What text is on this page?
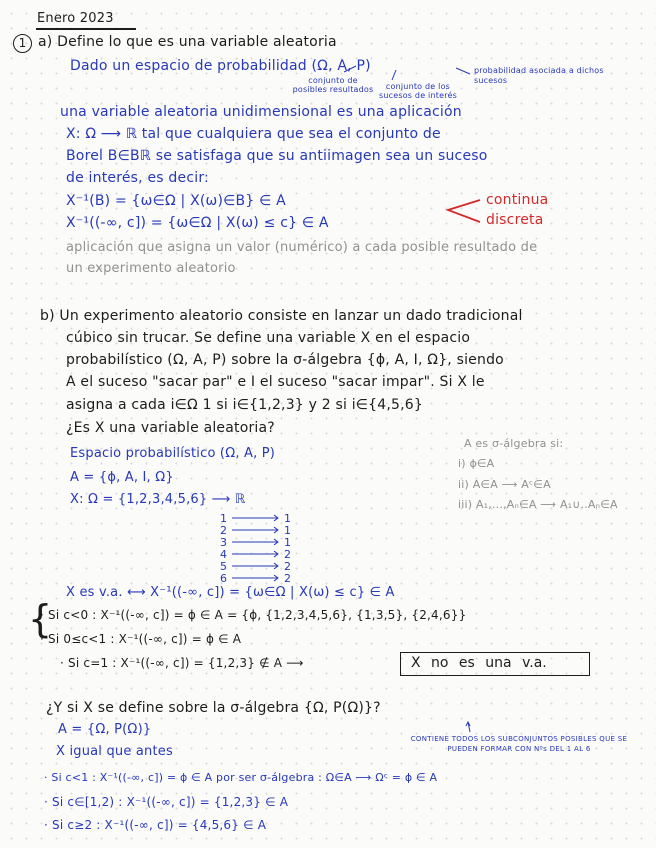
Enero 2023

1 a) Define lo que es una variable aleatoria

Dado un espacio de probabilidad (Ω, A, P)

conjunto de posibles resultados	conjunto de los sucesos de interés

probabilidad asociada a dichos sucesos

una variable aleatoria unidimensional es una aplicación

X: Ω ⟶ ℝ tal que cualquiera que sea el conjunto de

Borel B∈Bℝ se satisfaga que su antiimagen sea un suceso

de interés, es decir:

X⁻¹(B) = {ω∈Ω | X(ω)∈B} ∈ A

X⁻¹((-∞, c]) = {ω∈Ω | X(ω) ≤ c} ∈ A

continua

discreta

aplicación que asigna un valor (numérico) a cada posible resultado de

un experimento aleatorio

b) Un experimento aleatorio consiste en lanzar un dado tradicional

cúbico sin trucar. Se define una variable X en el espacio

probabilístico (Ω, A, P) sobre la σ-álgebra {ϕ, A, I, Ω}, siendo

A el suceso "sacar par" e I el suceso "sacar impar". Si X le

asigna a cada i∈Ω 1 si i∈{1,2,3} y 2 si i∈{4,5,6}

¿Es X una variable aleatoria?

Espacio probabilístico (Ω, A, P)

A = {ϕ, A, I, Ω}

X: Ω = {1,2,3,4,5,6} ⟶ ℝ

1

2

3

4

5

6

1

1

1

2

2

2

A es σ-álgebra si:

i) ϕ∈A

ii) A∈A ⟶ Aᶜ∈A

iii) A₁,...,Aₙ∈A ⟶ A₁∪..Aₙ∈A

X es v.a. ⟷ X⁻¹((-∞, c]) = {ω∈Ω | X(ω) ≤ c} ∈ A

{

· Si c<0 : X⁻¹((-∞, c]) = ϕ ∈ A = {ϕ, {1,2,3,4,5,6}, {1,3,5}, {2,4,6}}

· Si 0≤c<1 : X⁻¹((-∞, c]) = ϕ ∈ A

· Si c=1 : X⁻¹((-∞, c]) = {1,2,3} ∉ A ⟶	X no es una v.a.

¿Y si X se define sobre la σ-álgebra {Ω, P(Ω)}?

A = {Ω, P(Ω)}

CONTIENE TODOS LOS SUBCONJUNTOS POSIBLES QUE SE PUEDEN FORMAR CON Nºs DEL 1 AL 6

X igual que antes

· Si c<1 : X⁻¹((-∞, c]) = ϕ ∈ A por ser σ-álgebra : Ω∈A ⟶ Ωᶜ = ϕ ∈ A

· Si c∈[1,2) : X⁻¹((-∞, c]) = {1,2,3} ∈ A

· Si c≥2 : X⁻¹((-∞, c]) = {4,5,6} ∈ A
